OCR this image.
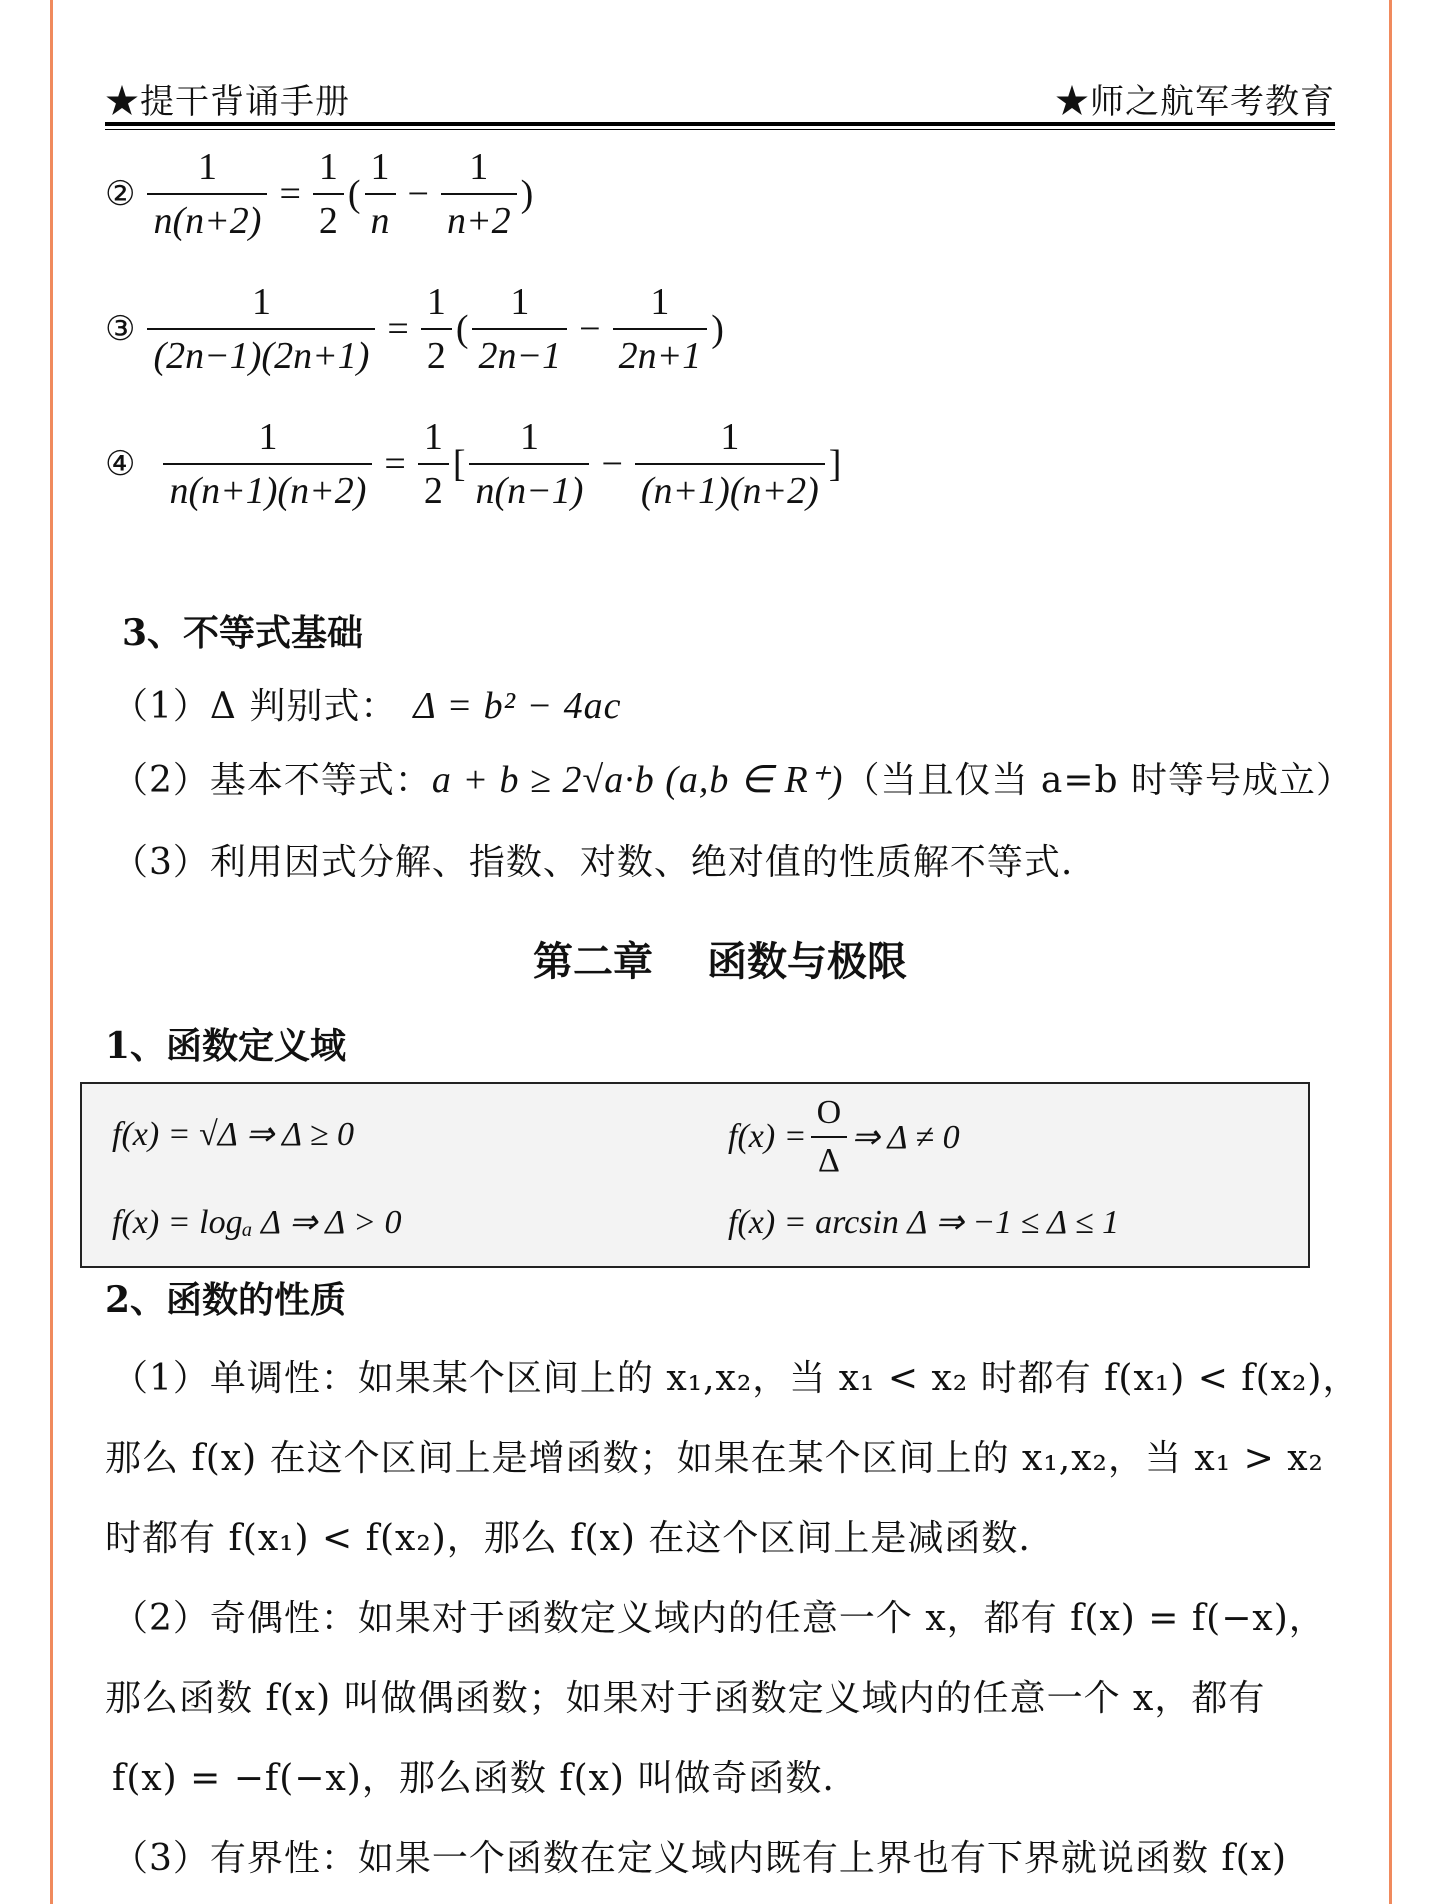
★提干背诵手册	★师之航军考教育
② $\frac{1}{n(n+2)} = \frac{1}{2}$ ( $\frac{1}{n} - \frac{1}{n+2}$ )
③ $\frac{1}{(2n-1)(2n+1)} = \frac{1}{2}$ ( $\frac{1}{2n-1} - \frac{1}{2n+1}$ )
④ $\frac{1}{n(n+1)(n+2)} = \frac{1}{2}$ [ $\frac{1}{n(n-1)} - \frac{1}{(n+1)(n+2)}$ ]
3、不等式基础
（1）Δ 判别式： Δ = b² − 4ac
（2）基本不等式：a + b ≥ 2√a·b (a,b ∈ R⁺)（当且仅当 a=b 时等号成立）
（3）利用因式分解、指数、对数、绝对值的性质解不等式.
第二章　 函数与极限
1、函数定义域
f(x) = √Δ ⇒ Δ ≥ 0	$f(x) = \frac{O}{\Delta}$ ⇒ Δ ≠ 0
f(x) = logₐ Δ ⇒ Δ > 0	f(x) = arcsin Δ ⇒ −1 ≤ Δ ≤ 1
2、函数的性质
（1）单调性：如果某个区间上的 x₁,x₂，当 x₁ < x₂ 时都有 f(x₁) < f(x₂)，
那么 f(x) 在这个区间上是增函数；如果在某个区间上的 x₁,x₂，当 x₁ > x₂
时都有 f(x₁) < f(x₂)，那么 f(x) 在这个区间上是减函数.
（2）奇偶性：如果对于函数定义域内的任意一个 x，都有 f(x) = f(−x)，
那么函数 f(x) 叫做偶函数；如果对于函数定义域内的任意一个 x，都有
f(x) = −f(−x)，那么函数 f(x) 叫做奇函数.
（3）有界性：如果一个函数在定义域内既有上界也有下界就说函数 f(x)
